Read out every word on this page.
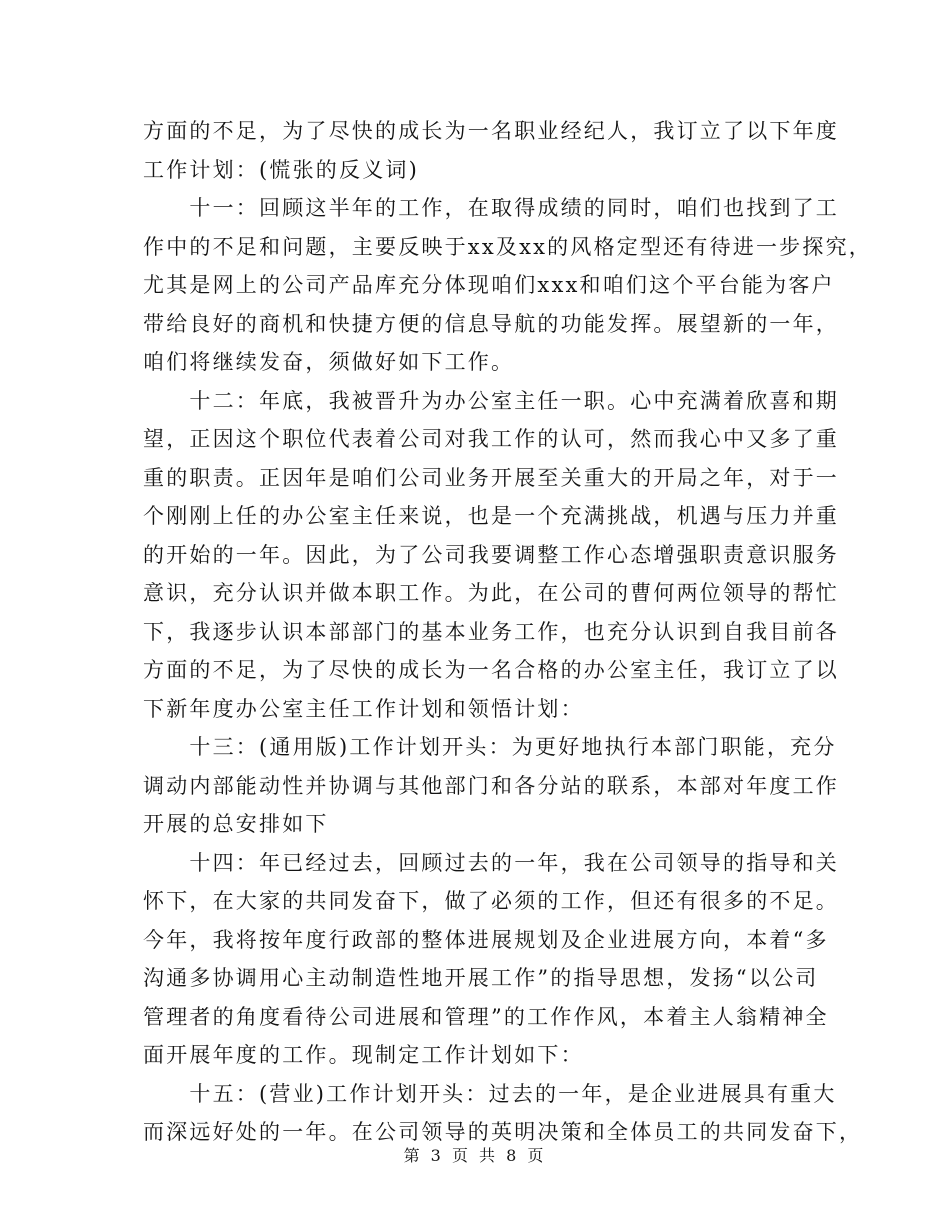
方面的不足，为了尽快的成长为一名职业经纪人，我订立了以下年度
工作计划：(慌张的反义词)
　　十一：回顾这半年的工作，在取得成绩的同时，咱们也找到了工
作中的不足和问题，主要反映于xx及xx的风格定型还有待进一步探究，
尤其是网上的公司产品库充分体现咱们xxx和咱们这个平台能为客户
带给良好的商机和快捷方便的信息导航的功能发挥。展望新的一年，
咱们将继续发奋，须做好如下工作。
　　十二：年底，我被晋升为办公室主任一职。心中充满着欣喜和期
望，正因这个职位代表着公司对我工作的认可，然而我心中又多了重
重的职责。正因年是咱们公司业务开展至关重大的开局之年，对于一
个刚刚上任的办公室主任来说，也是一个充满挑战，机遇与压力并重
的开始的一年。因此，为了公司我要调整工作心态增强职责意识服务
意识，充分认识并做本职工作。为此，在公司的曹何两位领导的帮忙
下，我逐步认识本部部门的基本业务工作，也充分认识到自我目前各
方面的不足，为了尽快的成长为一名合格的办公室主任，我订立了以
下新年度办公室主任工作计划和领悟计划：
　　十三：(通用版)工作计划开头：为更好地执行本部门职能，充分
调动内部能动性并协调与其他部门和各分站的联系，本部对年度工作
开展的总安排如下
　　十四：年已经过去，回顾过去的一年，我在公司领导的指导和关
怀下，在大家的共同发奋下，做了必须的工作，但还有很多的不足。
今年，我将按年度行政部的整体进展规划及企业进展方向，本着“多
沟通多协调用心主动制造性地开展工作”的指导思想，发扬“以公司
管理者的角度看待公司进展和管理”的工作作风，本着主人翁精神全
面开展年度的工作。现制定工作计划如下：
　　十五：(营业)工作计划开头：过去的一年，是企业进展具有重大
而深远好处的一年。在公司领导的英明决策和全体员工的共同发奋下，
第 3 页 共 8 页
